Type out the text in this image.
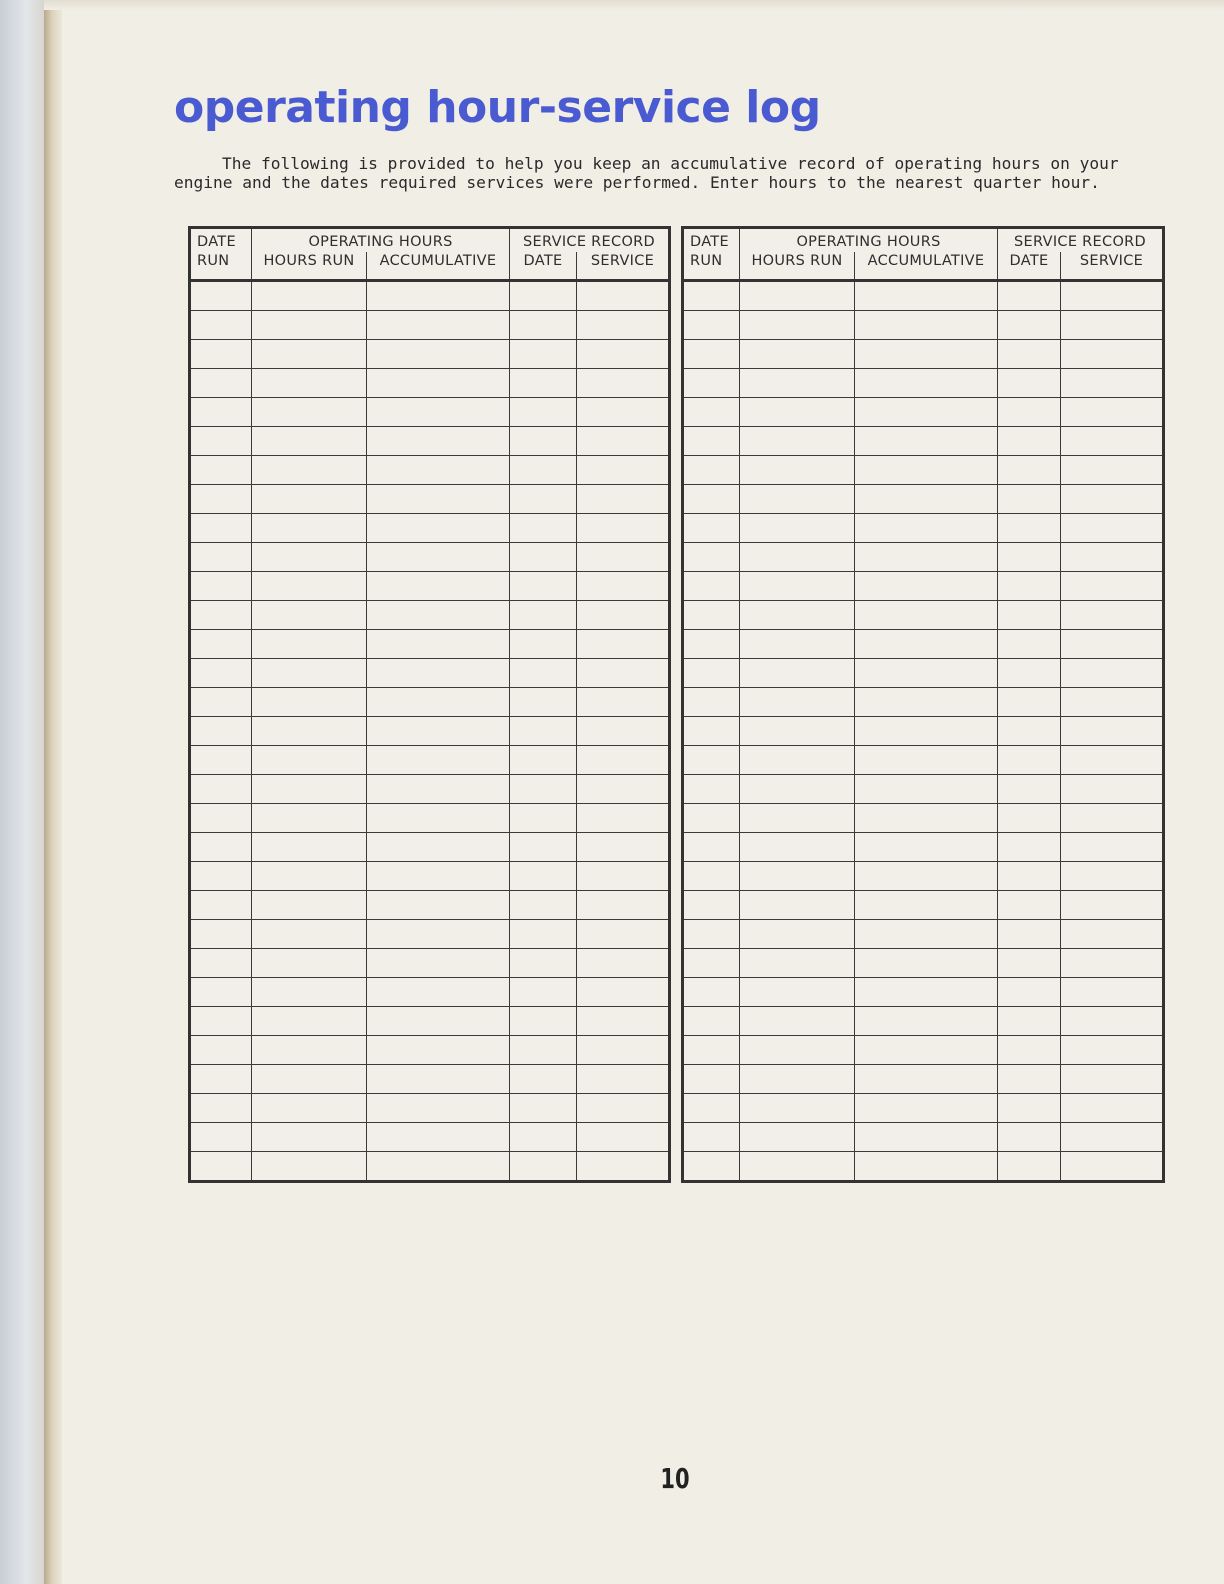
operating hour-service log

The following is provided to help you keep an accumulative record of operating hours on your engine and the dates required services were performed. Enter hours to the nearest quarter hour.

DATE	OPERATING HOURS		SERVICE RECORD	
RUN	HOURS RUN	ACCUMULATIVE	DATE	SERVICE

DATE	OPERATING HOURS		SERVICE RECORD	
RUN	HOURS RUN	ACCUMULATIVE	DATE	SERVICE

10
